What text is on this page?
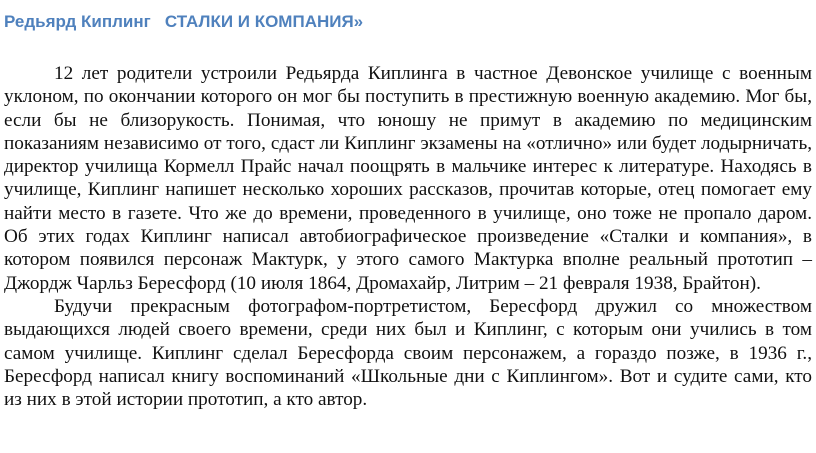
Редьярд Киплинг   СТАЛКИ И КОМПАНИЯ»

12 лет родители устроили Редьярда Киплинга в частное Девонское училище с военным уклоном, по окончании которого он мог бы поступить в престижную военную академию. Мог бы, если бы не близорукость. Понимая, что юношу не примут в академию по медицинским показаниям независимо от того, сдаст ли Киплинг экзамены на «отлично» или будет лодырничать, директор училища Кормелл Прайс начал поощрять в мальчике интерес к литературе. Находясь в училище, Киплинг напишет несколько хороших рассказов, прочитав которые, отец помогает ему найти место в газете. Что же до времени, проведенного в училище, оно тоже не пропало даром. Об этих годах Киплинг написал автобиографическое произведение «Сталки и компания», в котором появился персонаж Мактурк, у этого самого Мактурка вполне реальный прототип – Джордж Чарльз Бересфорд (10 июля 1864, Дромахайр, Литрим – 21 февраля 1938, Брайтон).

Будучи прекрасным фотографом-портретистом, Бересфорд дружил со множеством выдающихся людей своего времени, среди них был и Киплинг, с которым они учились в том самом училище. Киплинг сделал Бересфорда своим персонажем, а гораздо позже, в 1936 г., Бересфорд написал книгу воспоминаний «Школьные дни с Киплингом». Вот и судите сами, кто из них в этой истории прототип, а кто автор.
